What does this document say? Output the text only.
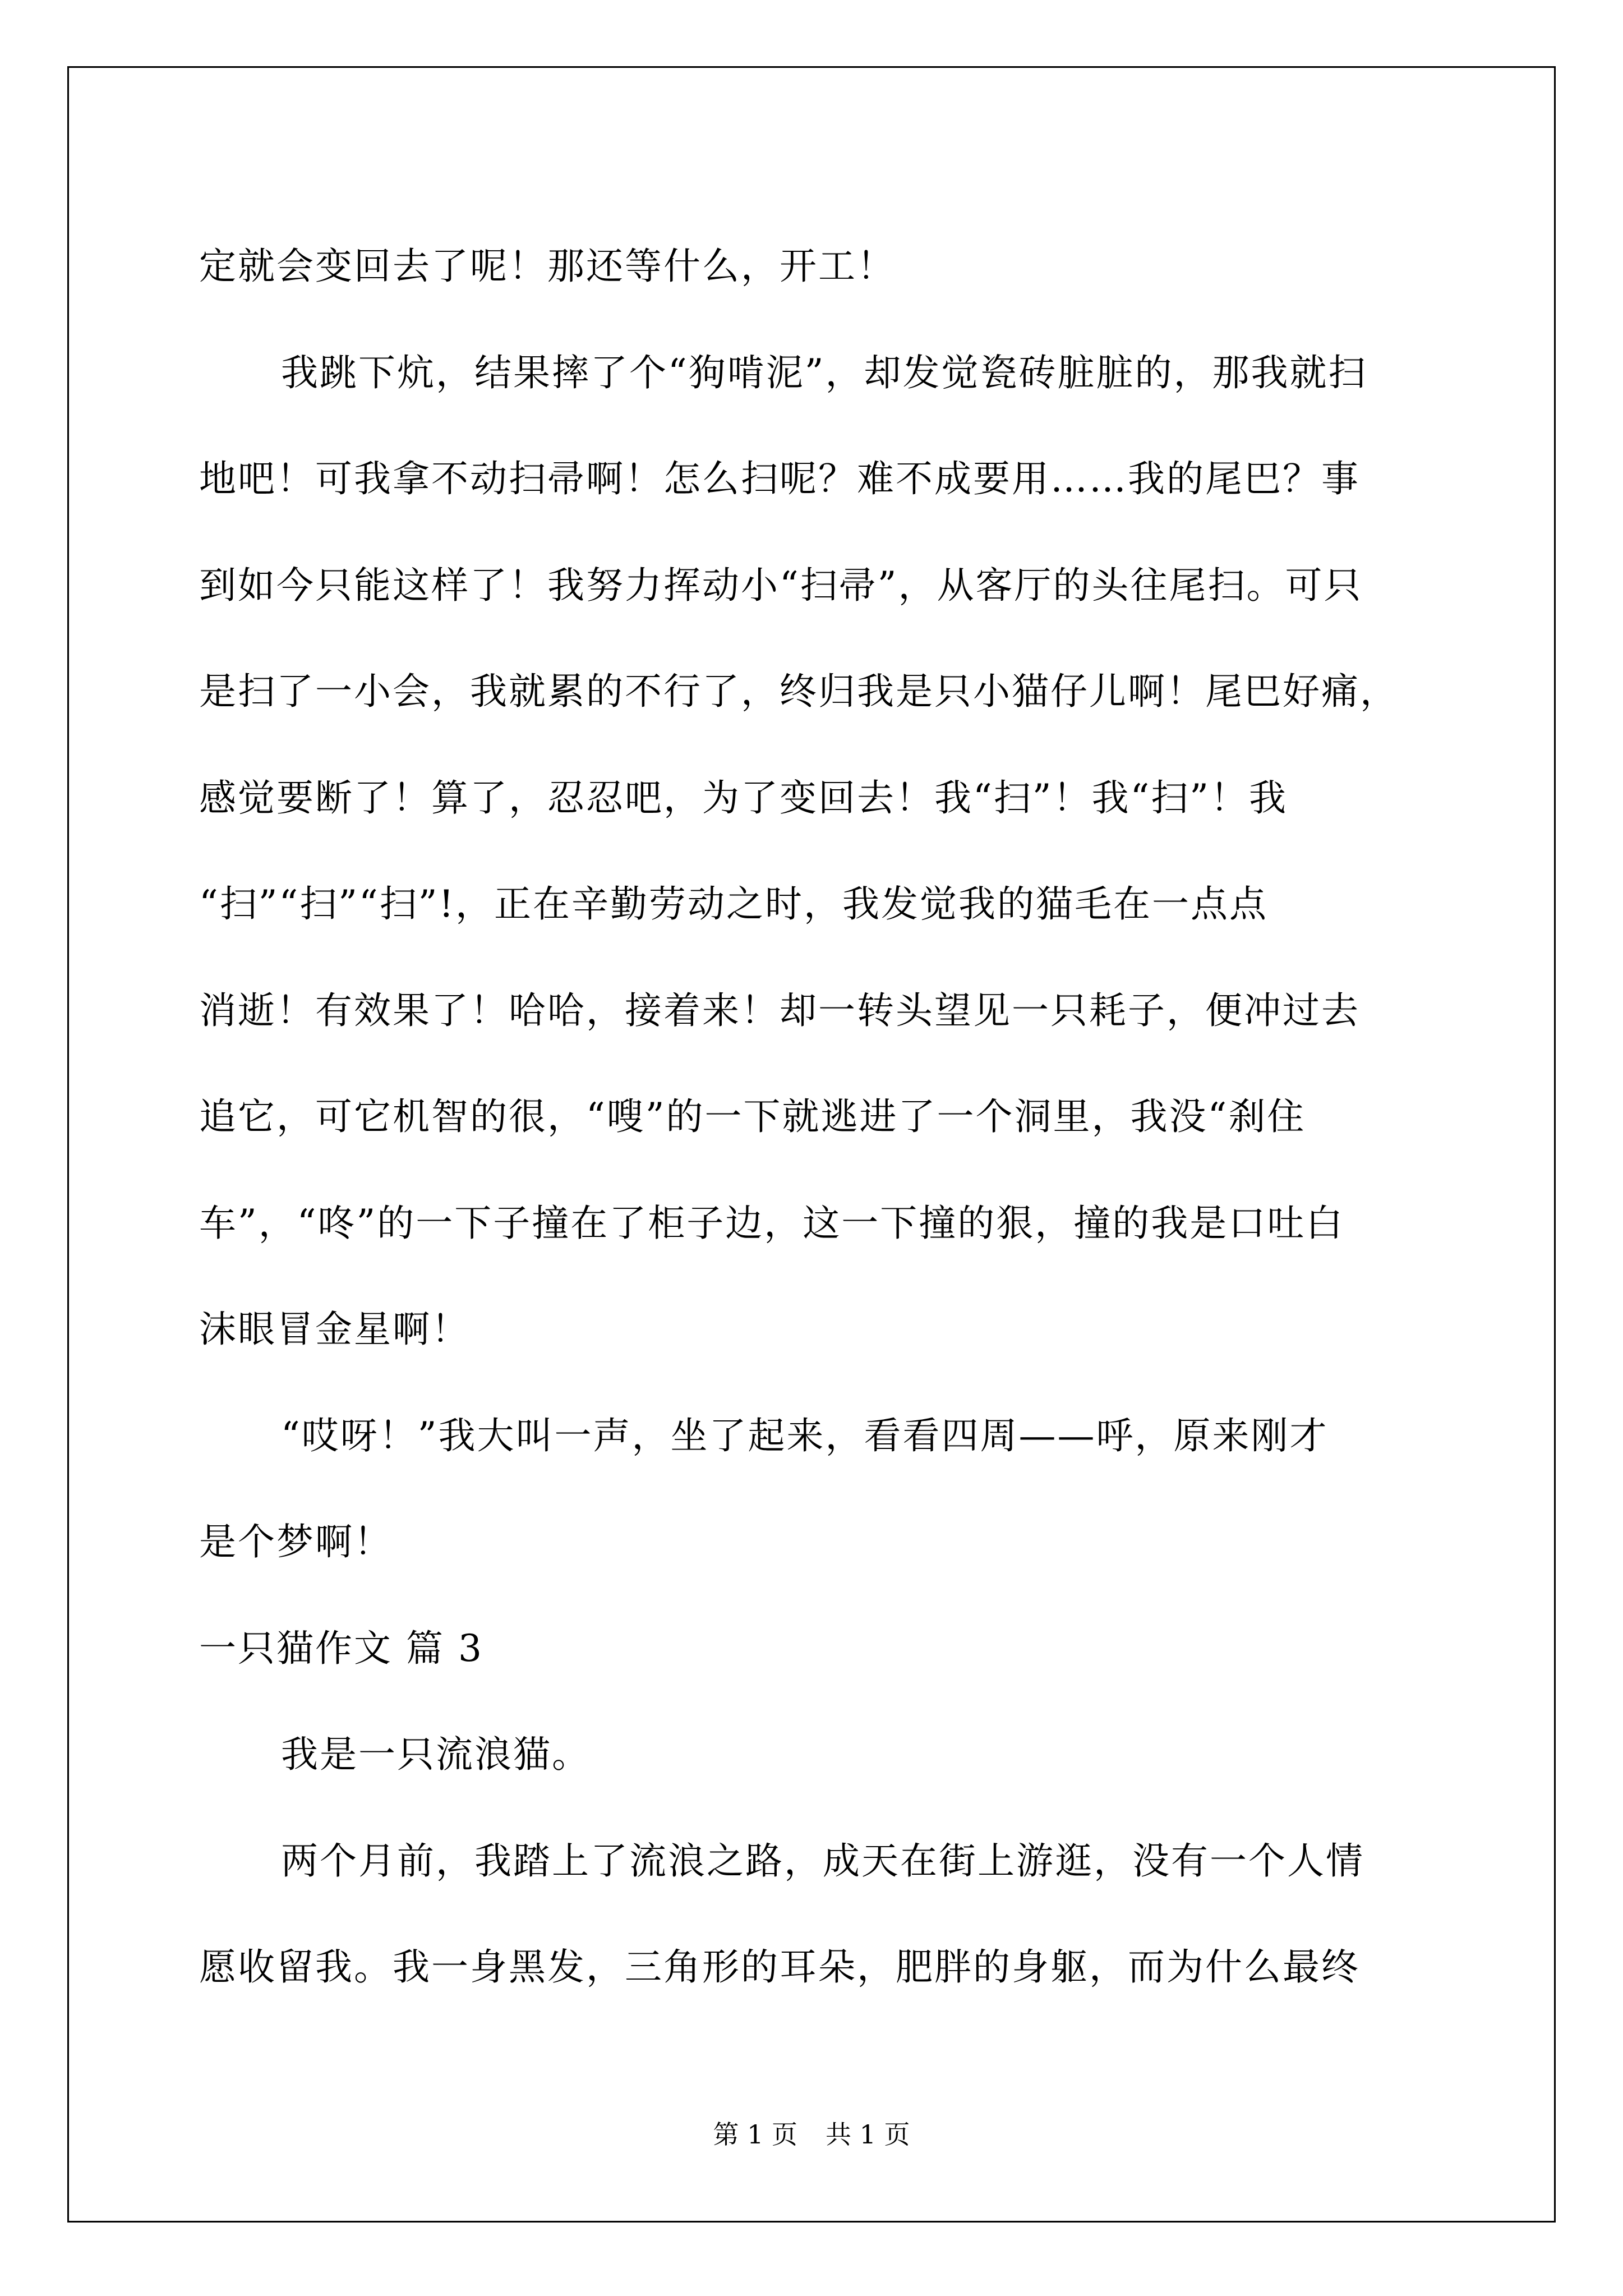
定就会变回去了呢！那还等什么，开工！
我跳下炕，结果摔了个“狗啃泥”，却发觉瓷砖脏脏的，那我就扫
地吧！可我拿不动扫帚啊！怎么扫呢？难不成要用……我的尾巴？事
到如今只能这样了！我努力挥动小“扫帚”，从客厅的头往尾扫。可只
是扫了一小会，我就累的不行了，终归我是只小猫仔儿啊！尾巴好痛，
感觉要断了！算了，忍忍吧，为了变回去！我“扫”！我“扫”！我
“扫”“扫”“扫”!，正在辛勤劳动之时，我发觉我的猫毛在一点点
消逝！有效果了！哈哈，接着来！却一转头望见一只耗子，便冲过去
追它，可它机智的很，“嗖”的一下就逃进了一个洞里，我没“刹住
车”，“咚”的一下子撞在了柜子边，这一下撞的狠，撞的我是口吐白
沫眼冒金星啊！
“哎呀！”我大叫一声，坐了起来，看看四周——呼，原来刚才
是个梦啊！
一只猫作文 篇 3
我是一只流浪猫。
两个月前，我踏上了流浪之路，成天在街上游逛，没有一个人情
愿收留我。我一身黑发，三角形的耳朵，肥胖的身躯，而为什么最终
第 1 页 共 1 页
